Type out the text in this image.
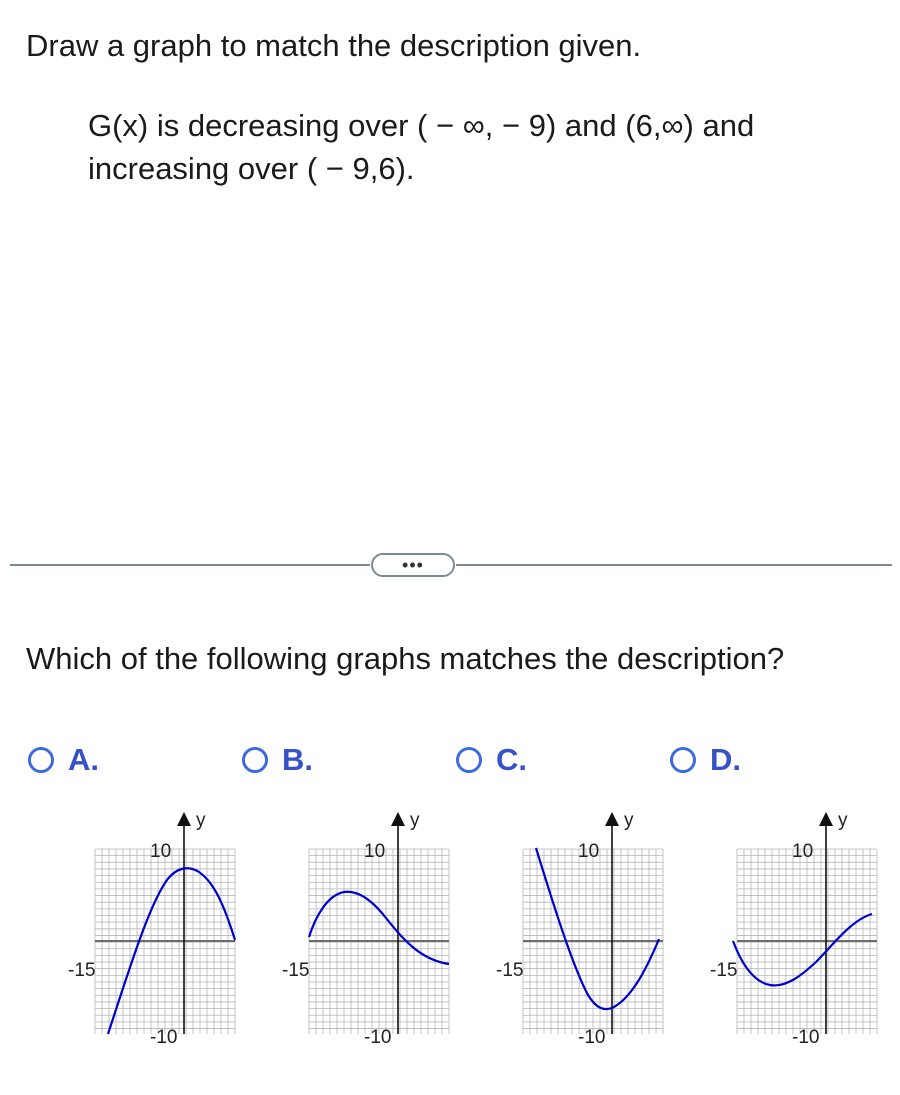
Draw a graph to match the description given.
G(x) is decreasing over ( − ∞, − 9) and (6,∞) and increasing over ( − 9,6).
•••
Which of the following graphs matches the description?
A.	B.	C.	D.
y
10
-10
-15
y
10
-10
-15
y
10
-10
-15
y
10
-10
-15
